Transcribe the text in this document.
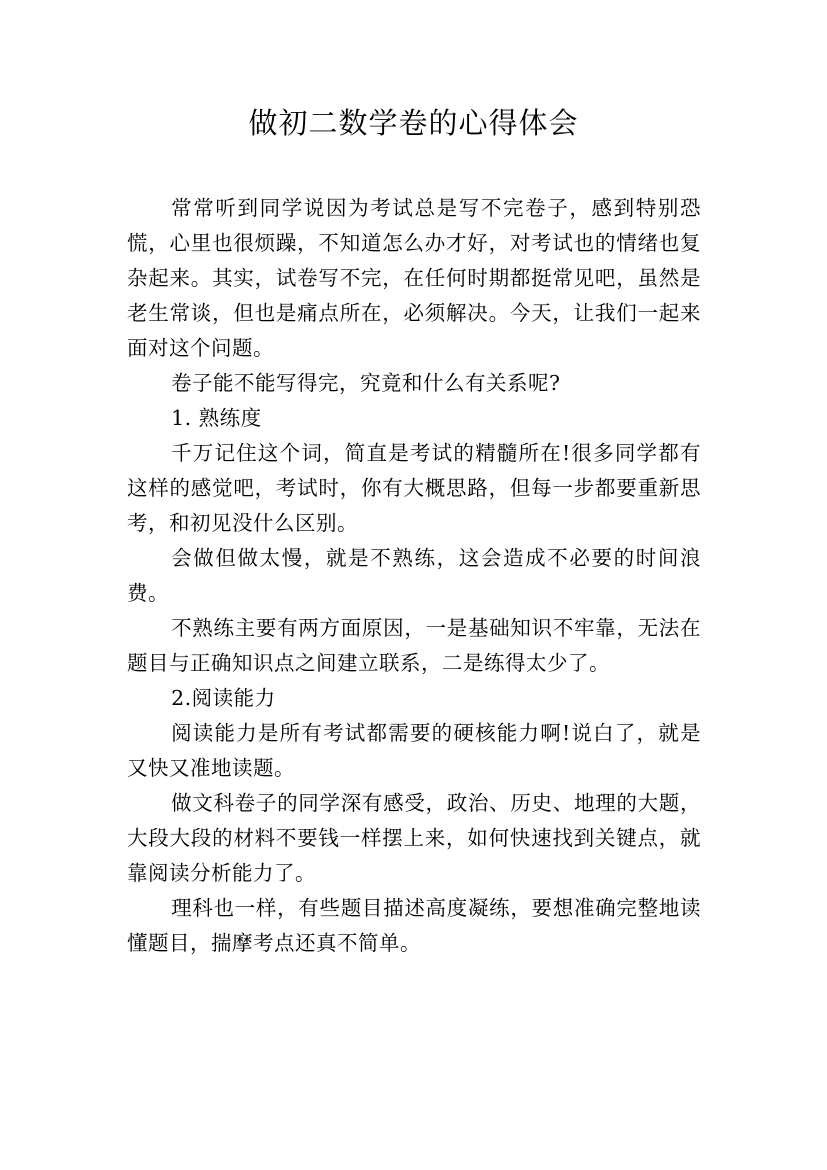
做初二数学卷的心得体会

常常听到同学说因为考试总是写不完卷子，感到特别恐慌，心里也很烦躁，不知道怎么办才好，对考试也的情绪也复杂起来。其实，试卷写不完，在任何时期都挺常见吧，虽然是老生常谈，但也是痛点所在，必须解决。今天，让我们一起来面对这个问题。

卷子能不能写得完，究竟和什么有关系呢?

1. 熟练度

千万记住这个词，简直是考试的精髓所在!很多同学都有这样的感觉吧，考试时，你有大概思路，但每一步都要重新思考，和初见没什么区别。

会做但做太慢，就是不熟练，这会造成不必要的时间浪费。

不熟练主要有两方面原因，一是基础知识不牢靠，无法在题目与正确知识点之间建立联系，二是练得太少了。

2.阅读能力

阅读能力是所有考试都需要的硬核能力啊!说白了，就是又快又准地读题。

做文科卷子的同学深有感受，政治、历史、地理的大题，大段大段的材料不要钱一样摆上来，如何快速找到关键点，就靠阅读分析能力了。

理科也一样，有些题目描述高度凝练，要想准确完整地读懂题目，揣摩考点还真不简单。
